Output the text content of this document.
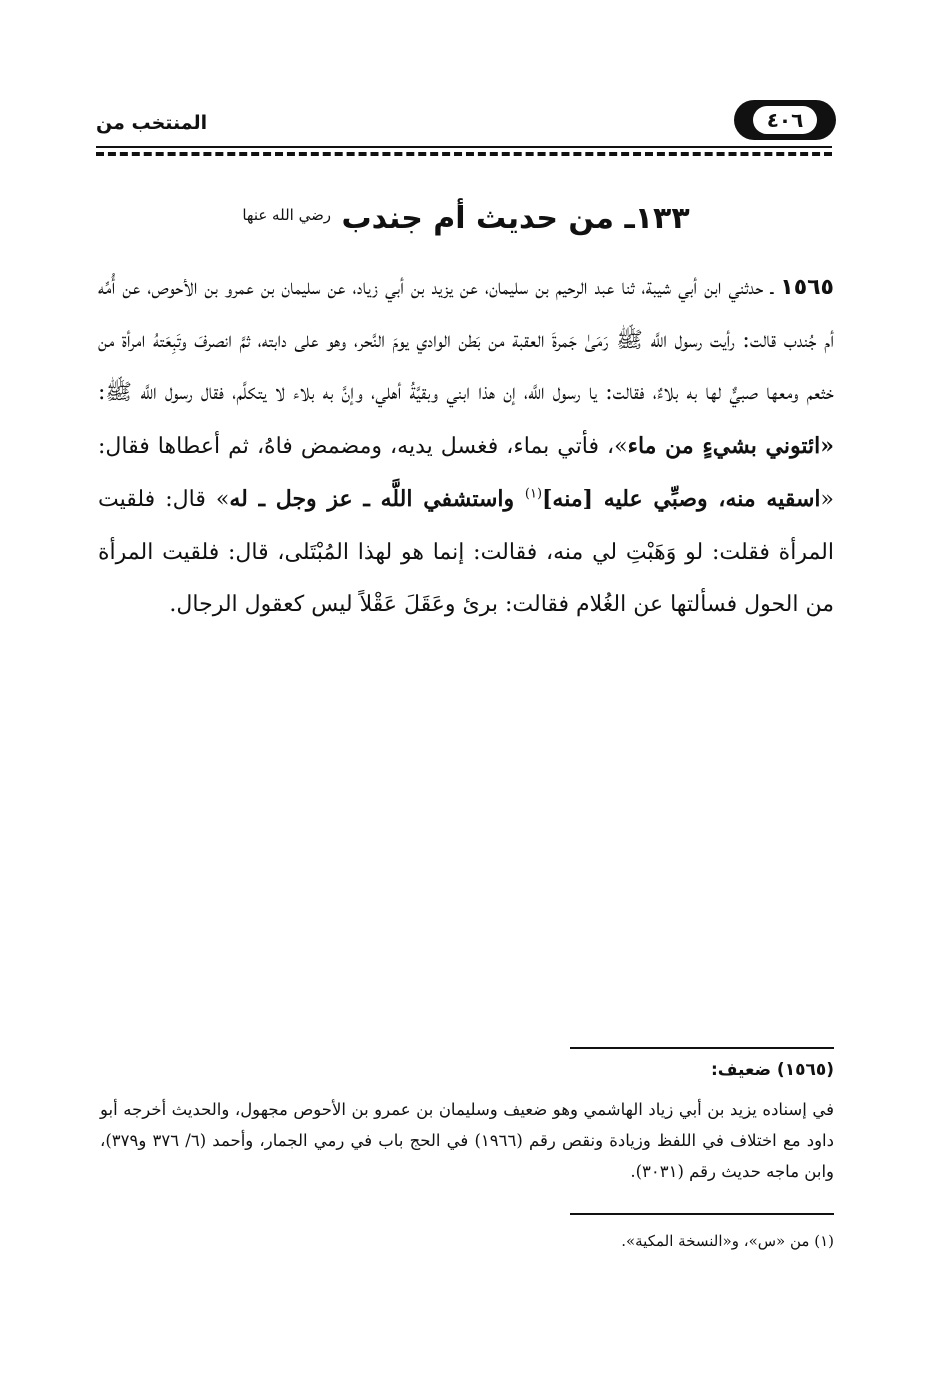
٤٠٦
المنتخب من
١٣٣ـ من حديث أم جندب $^{رضي الله عنها}$
١٥٦٥ ـ حدثني ابن أبي شيبة، ثنا عبد الرحيم بن سليمان، عن يزيد بن أبي زياد، عن سليمان بن عمرو بن الأحوص، عن أُمِّه أم جُندب قالت: رأيت رسول اللَّه ﷺ رَمَىٰ جَمرةَ العقبة من بَطن الوادي يومَ النَّحر، وهو على دابته، ثمَّ انصرفَ وتَبِعَتهُ امرأة من خثعم ومعها صبيٌّ لها به بلاءٌ، فقالت: يا رسول اللَّه، إن هذا ابني وبقيَّةُ أهلي، وإنَّ به بلاء لا يتكلَّم، فقال رسول اللَّه ﷺ: «ائتوني بشيءٍ من ماء»، فأتي بماء، فغسل يديه، ومضمض فاهُ، ثم أعطاها فقال: «اسقيه منه، وصبِّي عليه [منه]$^{(١)}$ واستشفي اللَّه ـ عز وجل ـ له» قال: فلقيت المرأة فقلت: لو وَهَبْتِ لي منه، فقالت: إنما هو لهذا المُبْتَلى، قال: فلقيت المرأة من الحول فسألتها عن الغُلام فقالت: برئ وعَقَلَ عَقْلاً ليس كعقول الرجال.
(١٥٦٥) ضعيف:
في إسناده يزيد بن أبي زياد الهاشمي وهو ضعيف وسليمان بن عمرو بن الأحوص مجهول، والحديث أخرجه أبو داود مع اختلاف في اللفظ وزيادة ونقص رقم (١٩٦٦) في الحج باب في رمي الجمار، وأحمد (٦/ ٣٧٦ و٣٧٩)، وابن ماجه حديث رقم (٣٠٣١).
(١) من «س»، و«النسخة المكية».
